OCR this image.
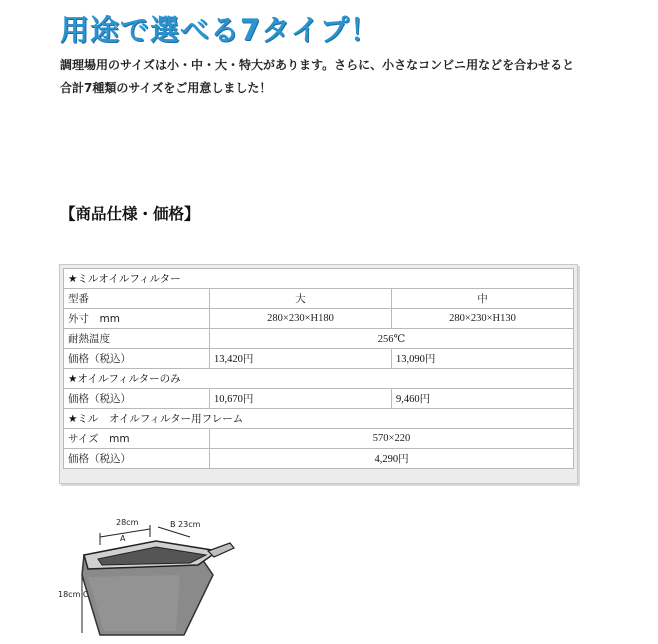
用途で選べる7タイプ！
調理場用のサイズは小・中・大・特大があります。さらに、小さなコンビニ用などを合わせると
合計7種類のサイズをご用意しました！
【商品仕様・価格】
★ミルオイルフィルター		
型番	大	中
外寸　mm	280×230×H180	280×230×H130
耐熱温度	256℃	
価格（税込）	13,420円	13,090円
★オイルフィルターのみ		
価格（税込）	10,670円	9,460円
★ミル　オイルフィルター用フレーム		
サイズ　mm	570×220	
価格（税込）	4,290円	
28cm
A
B 23cm
18cm C
